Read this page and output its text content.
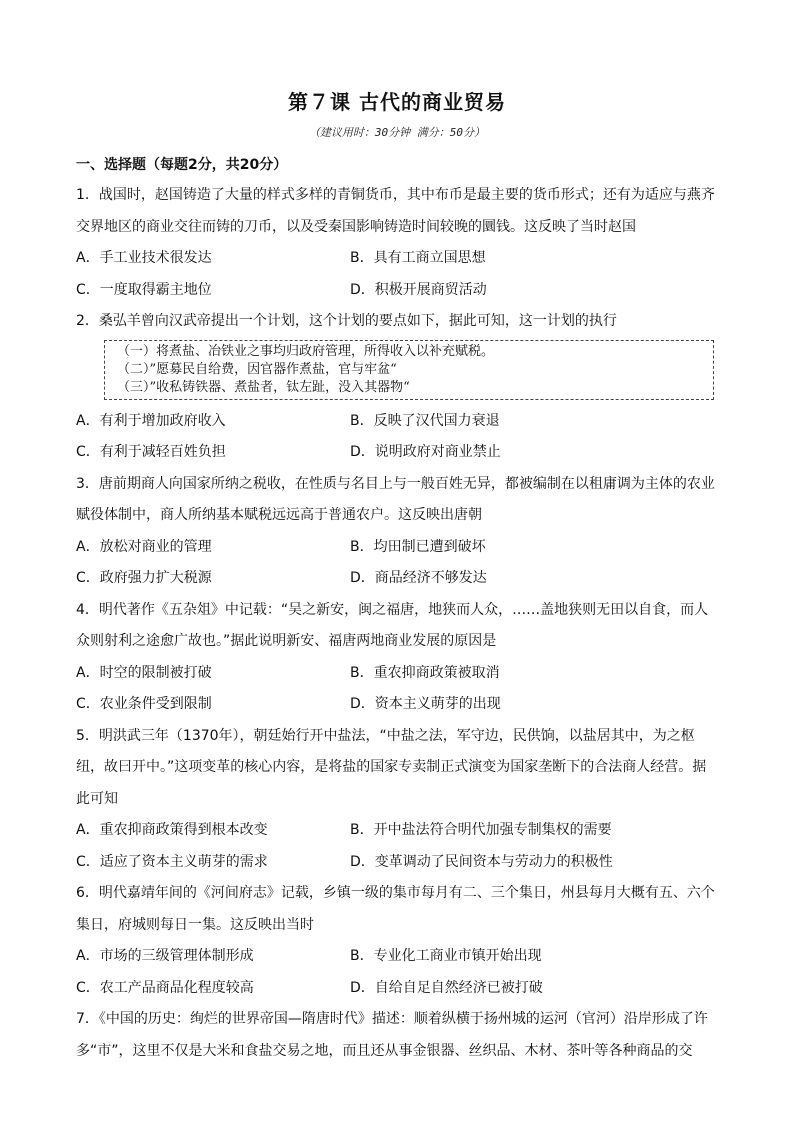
第７课 古代的商业贸易
（建议用时：30分钟 满分：50分）
一、选择题（每题2分，共20分）

1．战国时，赵国铸造了大量的样式多样的青铜货币，其中布币是最主要的货币形式；还有为适应与燕齐交界地区的商业交往而铸的刀币，以及受秦国影响铸造时间较晚的圜钱。这反映了当时赵国

A．手工业技术很发达	B．具有工商立国思想
C．一度取得霸主地位	D．积极开展商贸活动

2．桑弘羊曾向汉武帝提出一个计划，这个计划的要点如下，据此可知，这一计划的执行

（一）将煮盐、冶铁业之事均归政府管理，所得收入以补充赋税。
（二）”愿募民自给费，因官器作煮盐，官与牢盆“
（三）”收私铸铁器、煮盐者，钛左趾，没入其器物“
A．有利于增加政府收入	B．反映了汉代国力衰退
C．有利于减轻百姓负担	D．说明政府对商业禁止

3．唐前期商人向国家所纳之税收，在性质与名目上与一般百姓无异，都被编制在以租庸调为主体的农业赋役体制中，商人所纳基本赋税远远高于普通农户。这反映出唐朝

A．放松对商业的管理	B．均田制已遭到破坏
C．政府强力扩大税源	D．商品经济不够发达

4．明代著作《五杂俎》中记载：“吴之新安，闽之福唐，地狭而人众，……盖地狭则无田以自食，而人众则射利之途愈广故也。”据此说明新安、福唐两地商业发展的原因是

A．时空的限制被打破	B．重农抑商政策被取消
C．农业条件受到限制	D．资本主义萌芽的出现

5．明洪武三年（1370年），朝廷始行开中盐法，“中盐之法，军守边，民供饷，以盐居其中，为之枢纽，故曰开中。”这项变革的核心内容，是将盐的国家专卖制正式演变为国家垄断下的合法商人经营。据此可知

A．重农抑商政策得到根本改变	B．开中盐法符合明代加强专制集权的需要
C．适应了资本主义萌芽的需求	D．变革调动了民间资本与劳动力的积极性

6．明代嘉靖年间的《河间府志》记载，乡镇一级的集市每月有二、三个集日，州县每月大概有五、六个集日，府城则每日一集。这反映出当时

A．市场的三级管理体制形成	B．专业化工商业市镇开始出现
C．农工产品商品化程度较高	D．自给自足自然经济已被打破

7．《中国的历史：绚烂的世界帝国—隋唐时代》描述：顺着纵横于扬州城的运河（官河）沿岸形成了许多“市”，这里不仅是大米和食盐交易之地，而且还从事金银器、丝织品、木材、茶叶等各种商品的交
